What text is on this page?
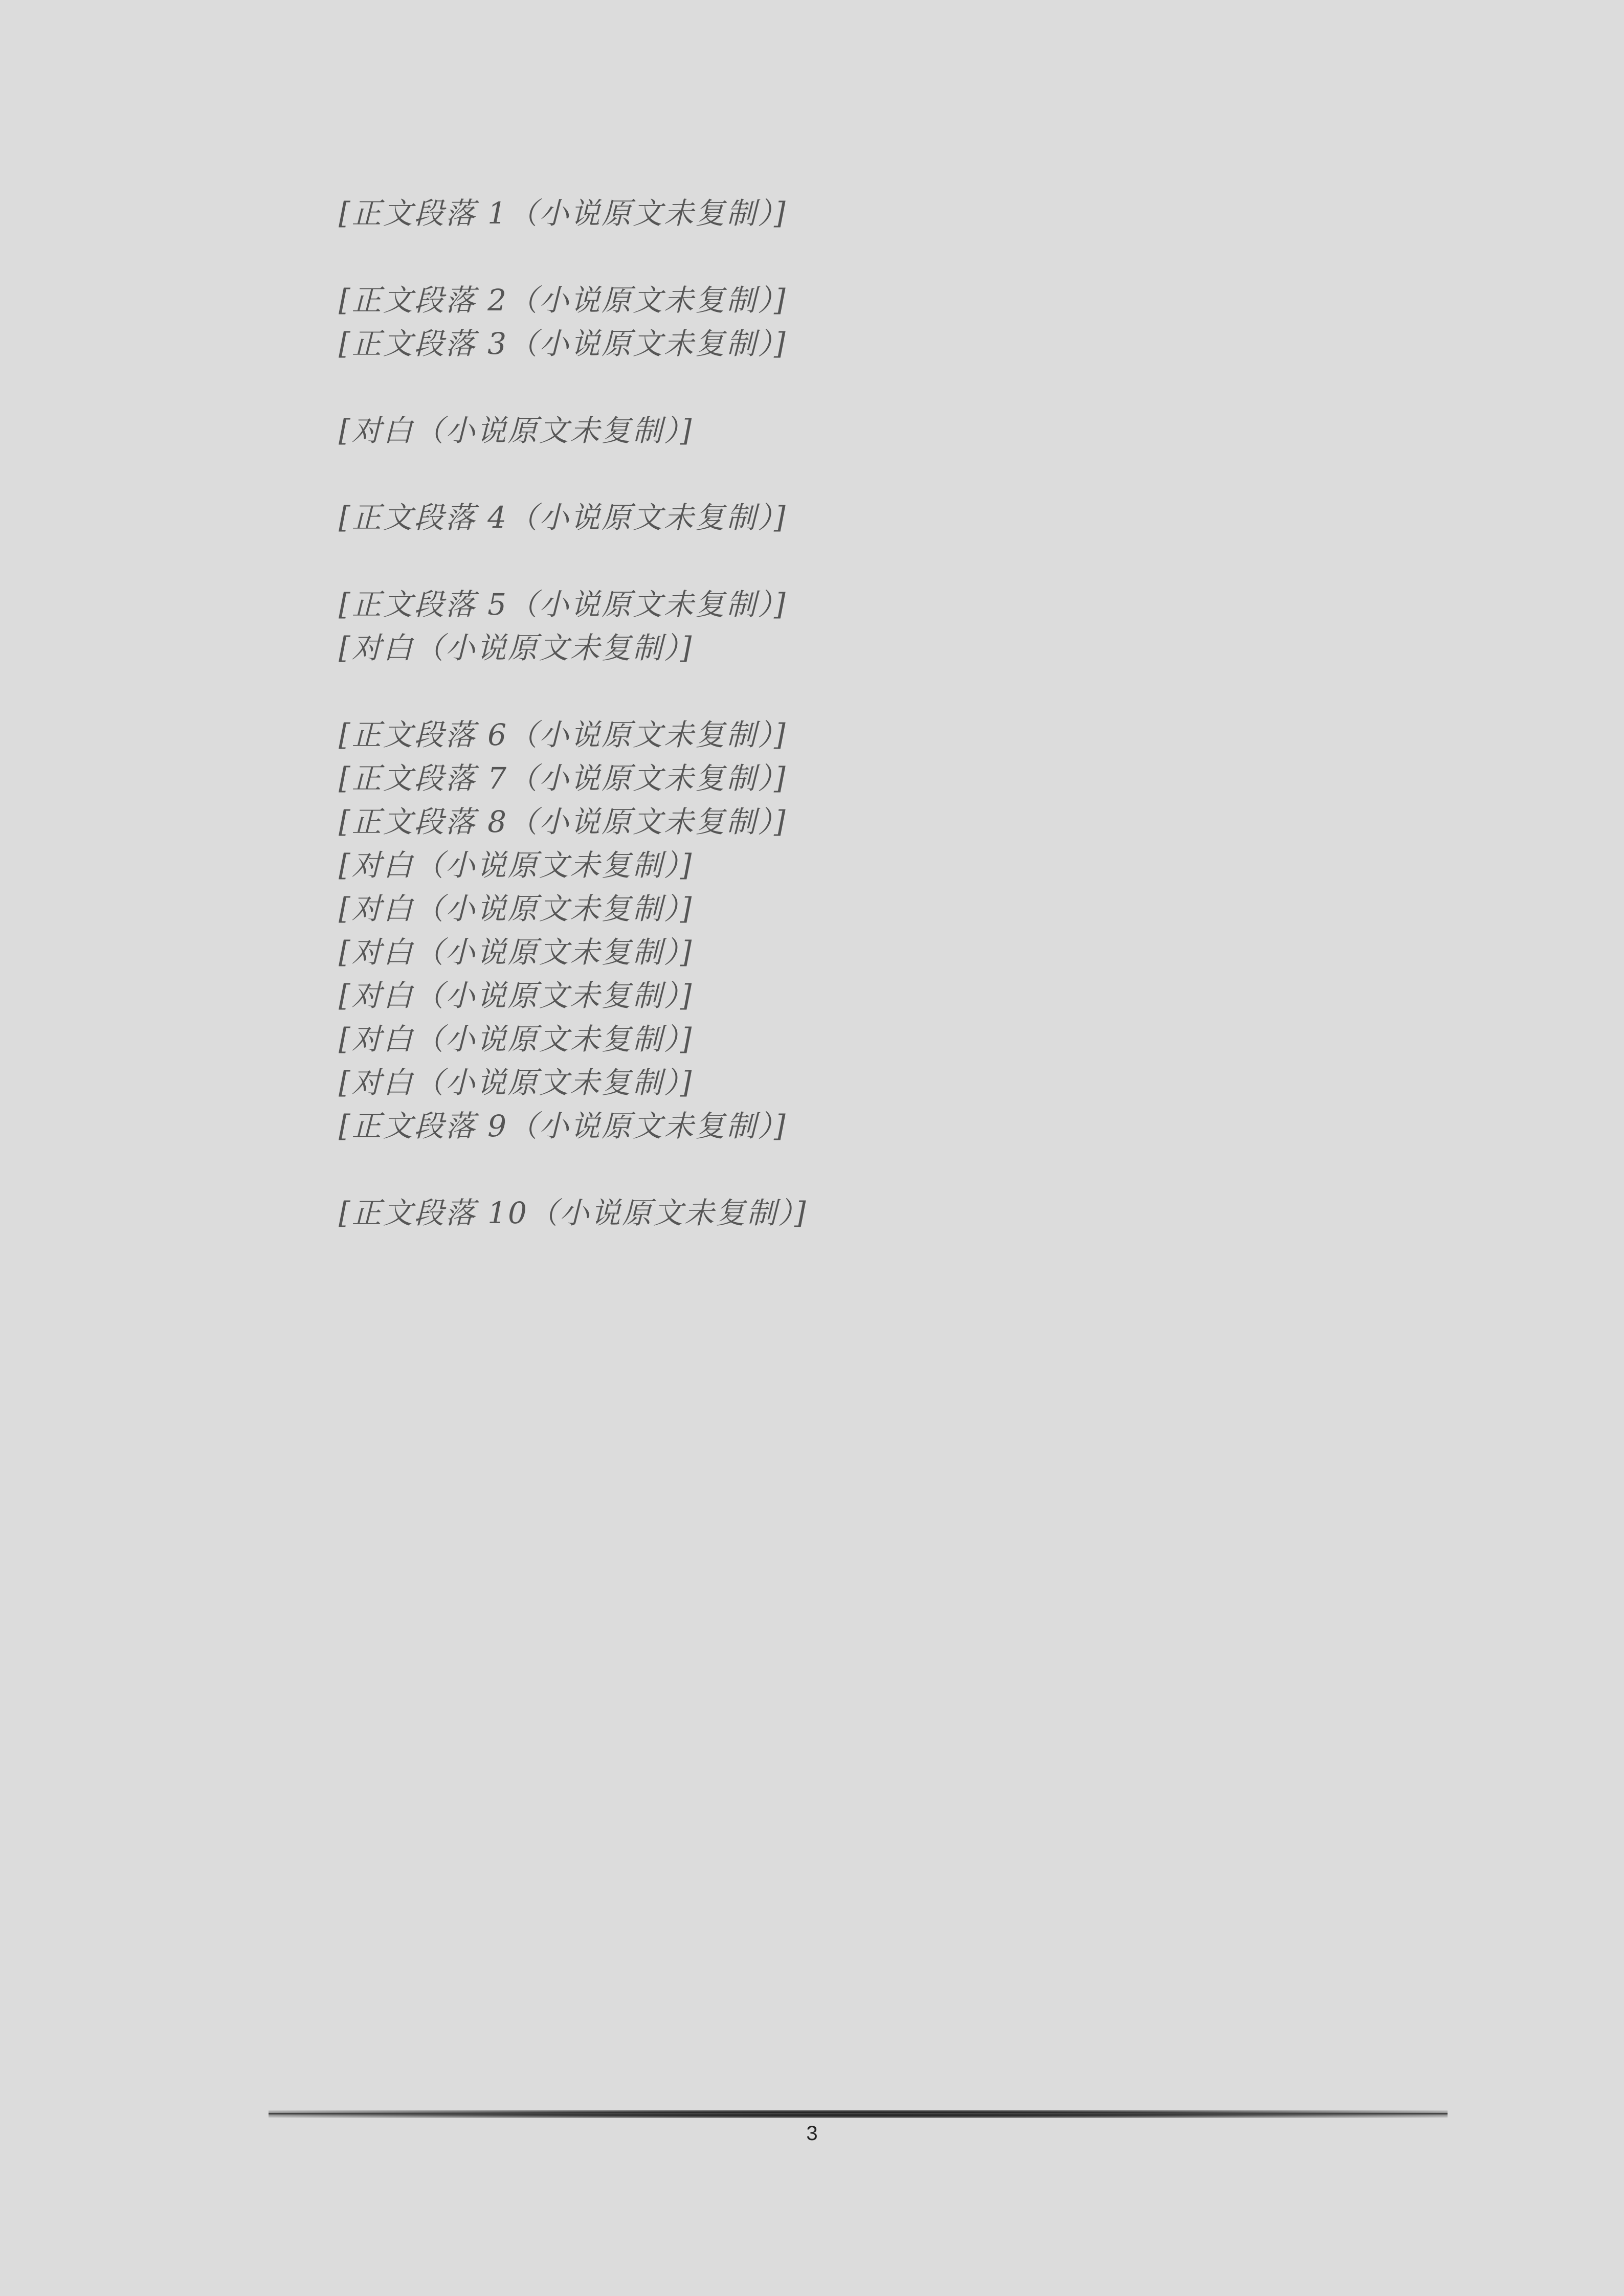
[正文段落 1（小说原文未复制）]

[正文段落 2（小说原文未复制）]

[正文段落 3（小说原文未复制）]

[对白（小说原文未复制）]

[正文段落 4（小说原文未复制）]

[正文段落 5（小说原文未复制）]

[对白（小说原文未复制）]

[正文段落 6（小说原文未复制）]

[正文段落 7（小说原文未复制）]

[正文段落 8（小说原文未复制）]

[对白（小说原文未复制）]

[对白（小说原文未复制）]

[对白（小说原文未复制）]

[对白（小说原文未复制）]

[对白（小说原文未复制）]

[对白（小说原文未复制）]

[正文段落 9（小说原文未复制）]

[正文段落 10（小说原文未复制）]

3
